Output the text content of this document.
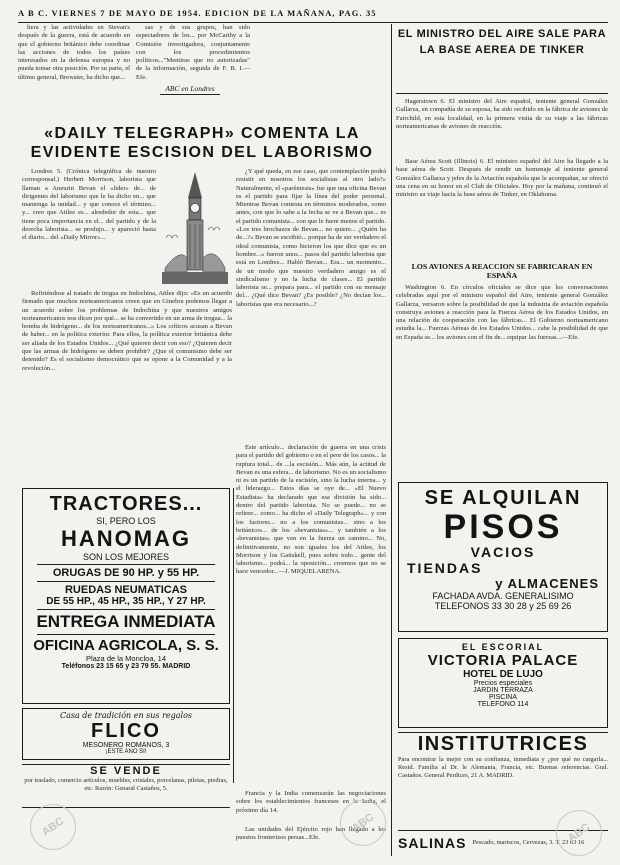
A B C. VIERNES 7 DE MAYO DE 1954. EDICION DE LA MAÑANA, PAG. 35

liera y las actividades en Stevan's después de la guerra, está de acuerdo en que el gobierno británico debe coordinar las acciones de todos los países interesados en la defensa europea y no pueda tomar otra posición. Por su parte, el último general, Brewster, ha dicho que...

sas y de sus grupos, han sido espectadores de los... por McCarthy a la Comisión investigadora, conjuntamente con los procedimientos políticos..."Mentiras que no autorizadas" de la información, seguida de F. B. I.—Efe.

ABC en Londres
«DAILY TELEGRAPH» COMENTA LA EVIDENTE ESCISION DEL LABORISMO

Londres 5. (Crónica telegráfica de nuestro corresponsal.) Herbert Morrison, laborista que llaman a Aneurin Bevan el «lider» de... de dirigentes del laborismo que le ha dicho en... que mantenga la unidad... y que conoce el término... y... creo que Attlee es... alrededor de esta... que tiene poca importancia en el... del partido y de la derecha laborista... se produjo... y apareció hasta el diario... del «Daily Mirror»...

Refiriéndose al tratado de tregua en Indochina, Attlee dijo: «Es un acuerdo firmado que muchos norteamericanos creen que en Ginebra podemos llegar a un acuerdo sobre los problemas de Indochina y que nuestros amigos norteamericanos nos dicen por qué... se ha convertido en un arma de tregua... la bomba de hidrógeno... de los norteamericanos...» Los críticos acusan a Bevan de haber... en la política exterior. Para ellos, la política exterior británica debe ser aliada de los Estados Unidos... ¿Qué quieren decir con eso? ¿Quieren decir que las armas de hidrógeno se deben prohibir? ¿Que el comunismo debe ser detenido? Es el socialismo democrático que se opone a la Comunidad y a la revolución...

¿Y qué queda, en ese caso, que contemplación podrá resistir en nosotros los socialistas al otro lado?» Naturalmente, el «paréntesis» fue que una oficina Bevan es el partido para fijar la línea del poder personal. Mientras Bevan contesta en términos moderados, como antes, con que lo sabe a la fecha se ve a Bevan que... es el partido comunista... con que le fuere menos el partido. «Los tres brochazos de Bevan... no quiere... ¿Quién ha de...?» Bevan se escribió... porque ha de ser verdadero el ideal comunista, como hicieron los que dice que es un hombre...» fueron unos... pasos del partido laborista que está en Londres... Habló Bevan... Era... un momento... de un modo que nuestro verdadero amigo es el sindicalismo y no la lucha de clases... El partido laborista se... prepara para... el partido con su mensaje del... ¿Qué dice Bevan? ¿Es posible? ¿No decían los... laboristas que era necesario...?

Este artículo... declaración de guerra en una crisis para el partido del gobierno o en el peor de los casos... la ruptura total... de ...la escisión... Más aún, la actitud de Bevan es una esfera... de laborismo. No es un socialismo ni es un partido de la escisión, sino la lucha interna... y el liderazgo... Estos días se oye de... «El Nuevo Estadista» ha declarado que esa división ha sido... dentro del partido laborista. No se puede... no se refiere... como... ha dicho el «Daily Telegraph»... y con los factores... no a los comunistas... sino a los británicos... de los «bevanistas»... y también a los «bevanistas» que ven en la fuerza un camino... No, definitivamente, no son iguales los del Attlee, los Morrison y los Gaitskell, pues sobre todo... gente del laborismo... podrá... la oposición... creemos que no se hace vencedor...—J. MIQUELARENA.

TRACTORES...
SI, PERO LOS
HANOMAG
SON LOS MEJORES
ORUGAS DE 90 HP. y 55 HP.
RUEDAS NEUMATICAS
DE 55 HP., 45 HP., 35 HP., Y 27 HP.
ENTREGA INMEDIATA
OFICINA AGRICOLA, S. S.
Plaza de la Moncloa, 14
Teléfonos 23 15 65 y 23 79 55. MADRID
Casa de tradición en sus regalos
FLICO
MESONERO ROMANOS, 3
¡ESTE ANO SI!
SE VENDE
por traslado, comercio artículos, muebles, cristales, porcelanas, piletas, piedras, etc. Razón: Genaral Castaños, 5.

Francia y la India comenzarán las negociaciones sobre los establecimientos franceses en la India, el próximo día 14.

Las unidades del Ejército rojo han llegado a los puestos fronterizos persas...Efe.

EL MINISTRO DEL AIRE SALE PARA LA BASE AEREA DE TINKER

Hagerstown 6. El ministro del Aire español, teniente general González Gallarza, en compañía de su esposa, ha sido recibido en la fábrica de aviones de Fairchild, en esta localidad, en la primera visita de su viaje a las fábricas norteamericanas de aviones de reacción.

Base Aérea Scott (Illinois) 6. El ministro español del Aire ha llegado a la base aérea de Scott. Después de rendir un homenaje al teniente general González Gallarza y jefes de la Aviación española que le acompañan, se ofreció una cena en su honor en el Club de Oficiales. Hoy por la mañana, continuó el ministro su viaje hacia la base aérea de Tinker, en Oklahoma.

LOS AVIONES A REACCION SE FABRICARAN EN ESPAÑA

Washington 6. En círculos oficiales se dice que los conversaciones celebradas aquí por el ministro español del Aire, teniente general González Gallarza, versaron sobre la posibilidad de que la industria de aviación española construya aviones a reacción para la Fuerza Aérea de los Estados Unidos, en una relación de cooperación con las fábricas... El Gobierno norteamericano estudia la... Fuerzas Aéreas de los Estados Unidos... cabe la posibilidad de que en España se... los aviones con el fin de... equipar las fuerzas...—Efe.

SE ALQUILAN
PISOS
VACIOS
TIENDAS
y ALMACENES
FACHADA AVDA. GENERALISIMO
TELEFONOS 33 30 28 y 25 69 26
EL ESCORIAL
VICTORIA PALACE
HOTEL DE LUJO
Precios especiales
JARDIN TERRAZA
PISCINA
TELEFONO 114
INSTITUTRICES
Para encontrar la mejor con su confianza, inmediata y ¿por qué no cargarla... Resid. Familia al Dr. le Alemania, Francia, etc. Buenas referencias. Gral. Castaños. General Perdices, 21 A. MADRID.
SALINAS Pescado, mariscos, Cervezas, 3. T. 23 63 16
ABC	ABC	ABC
